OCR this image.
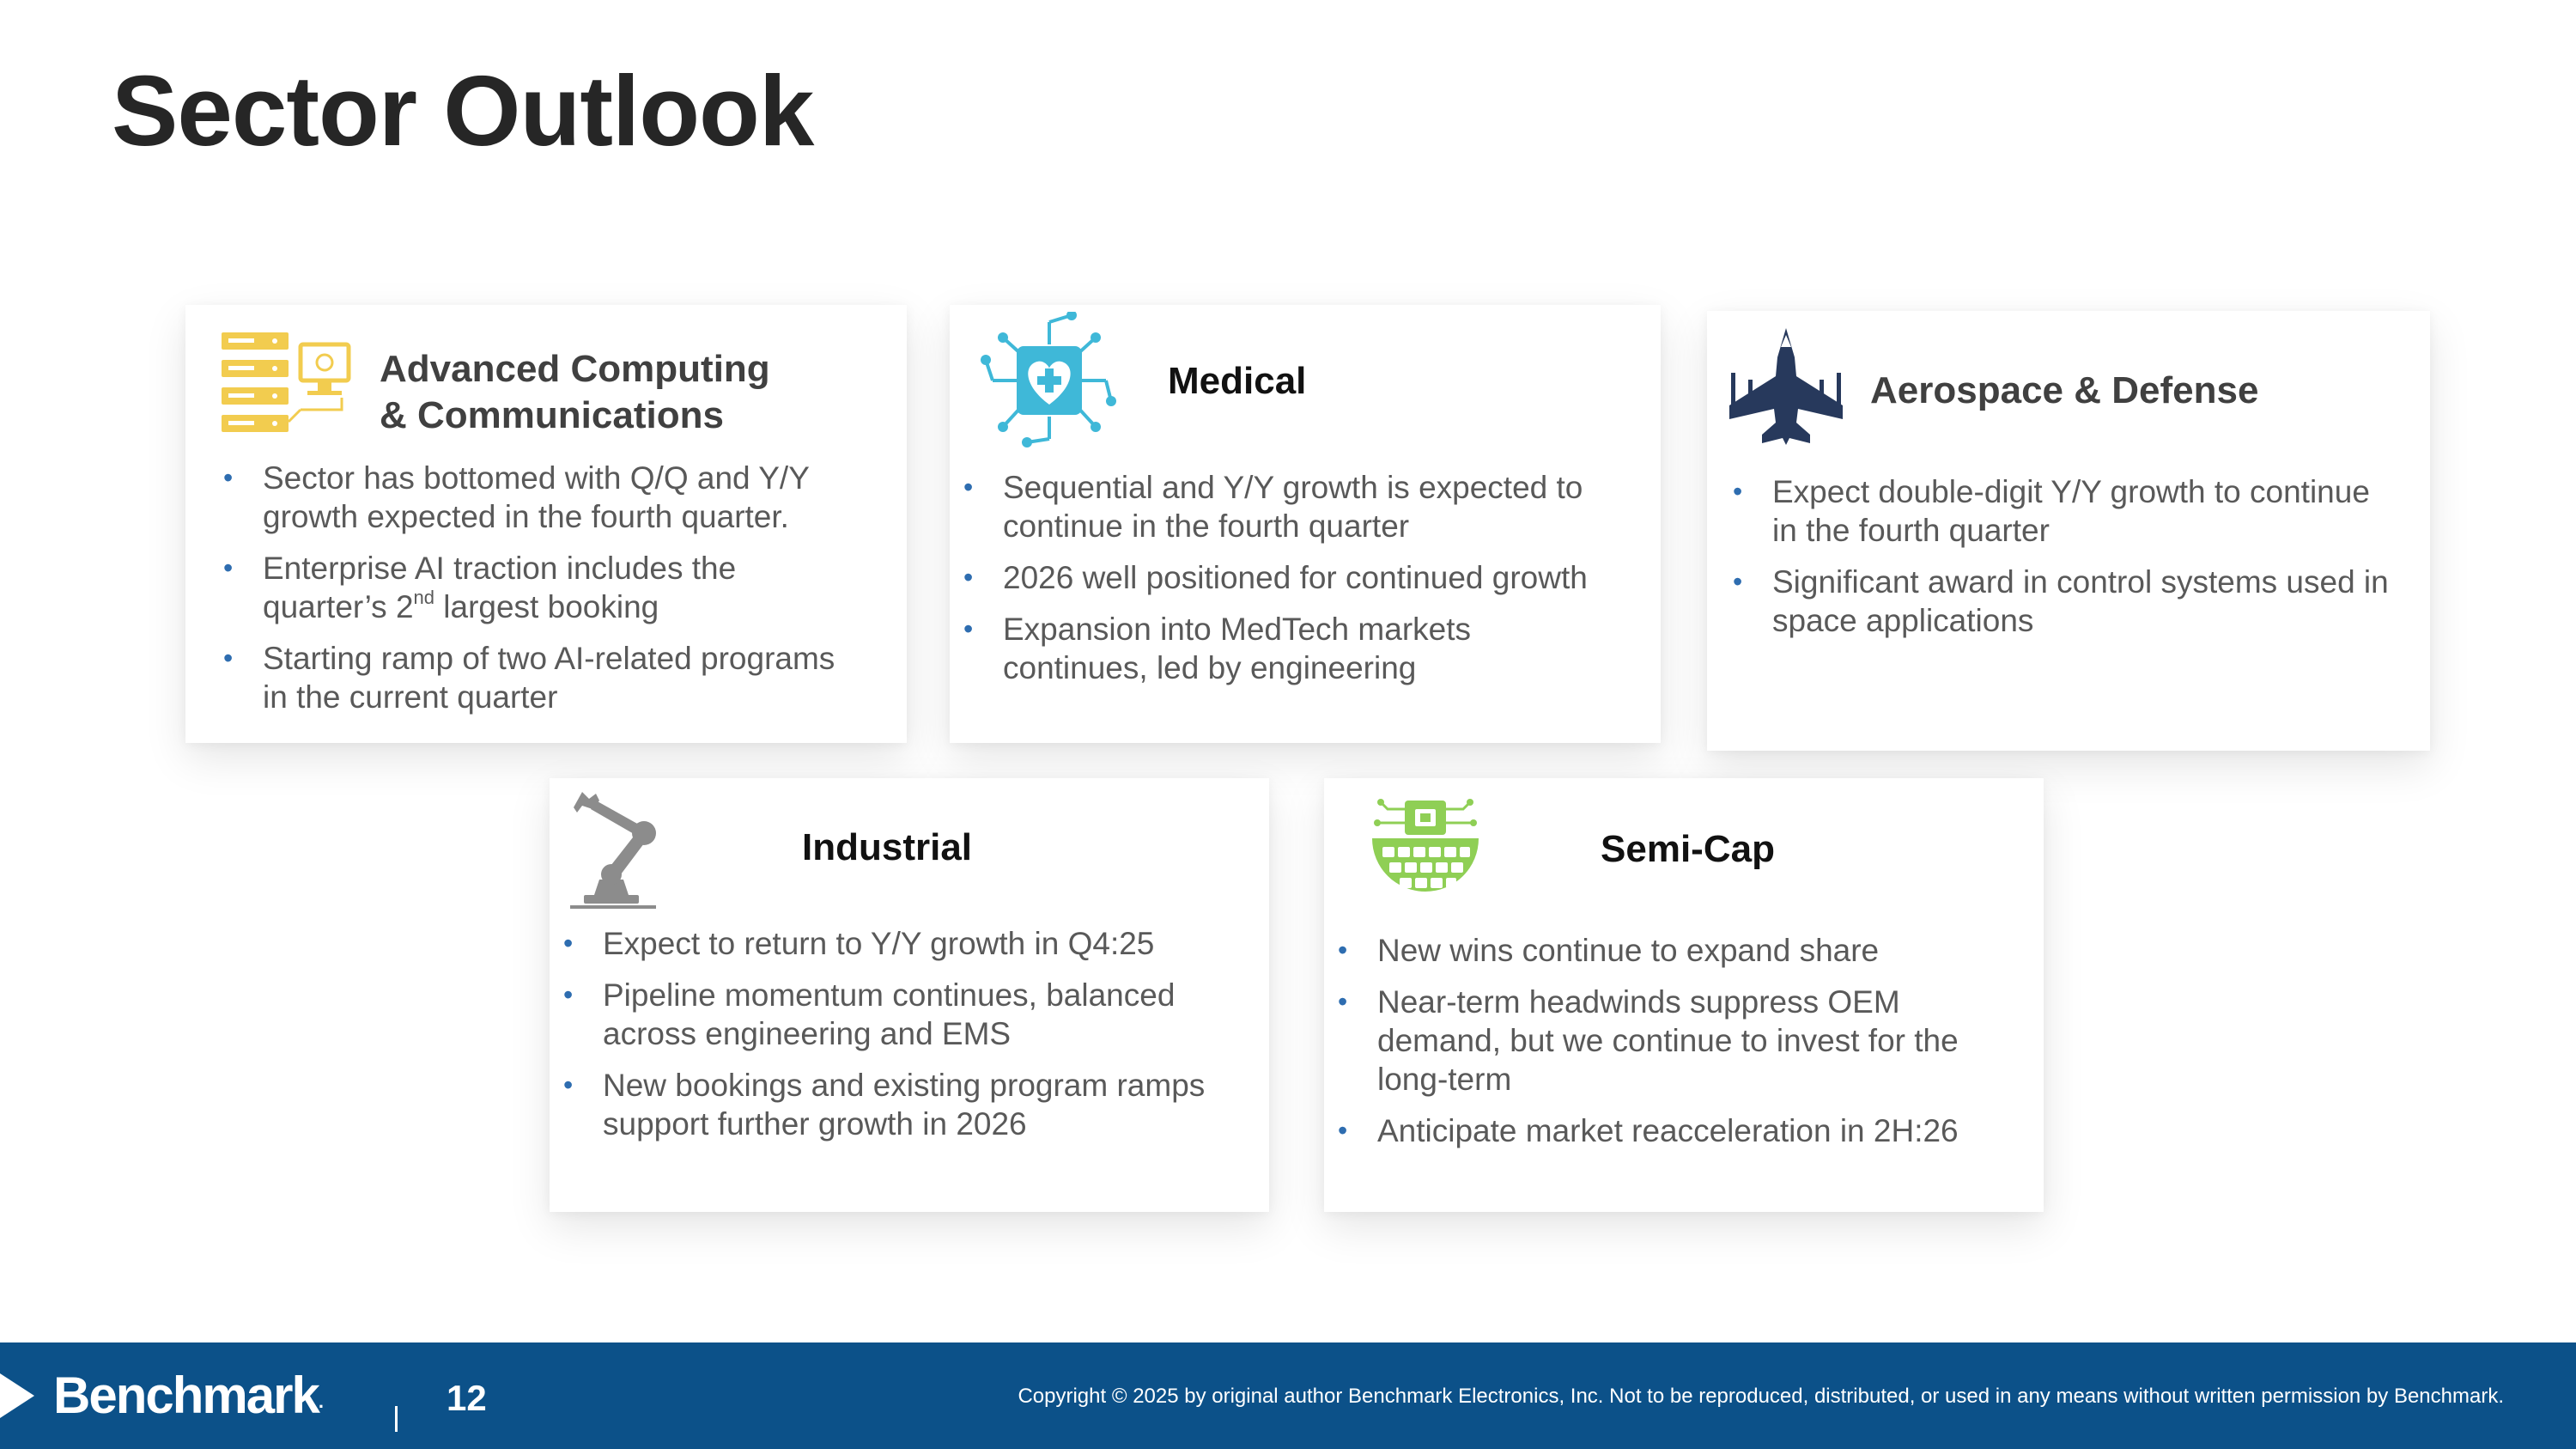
Sector Outlook
Advanced Computing
& Communications
• Sector has bottomed with Q/Q and Y/Y growth expected in the fourth quarter.
• Enterprise AI traction includes the quarter’s 2nd largest booking
• Starting ramp of two AI-related programs in the current quarter
Medical
• Sequential and Y/Y growth is expected to continue in the fourth quarter
• 2026 well positioned for continued growth
• Expansion into MedTech markets continues, led by engineering
Aerospace & Defense
• Expect double-digit Y/Y growth to continue in the fourth quarter
• Significant award in control systems used in space applications
Industrial
• Expect to return to Y/Y growth in Q4:25
• Pipeline momentum continues, balanced across engineering and EMS
• New bookings and existing program ramps support further growth in 2026
Semi-Cap
• New wins continue to expand share
• Near-term headwinds suppress OEM demand, but we continue to invest for the long-term
• Anticipate market reacceleration in 2H:26
Benchmark.	12	Copyright © 2025 by original author Benchmark Electronics, Inc. Not to be reproduced, distributed, or used in any means without written permission by Benchmark.
